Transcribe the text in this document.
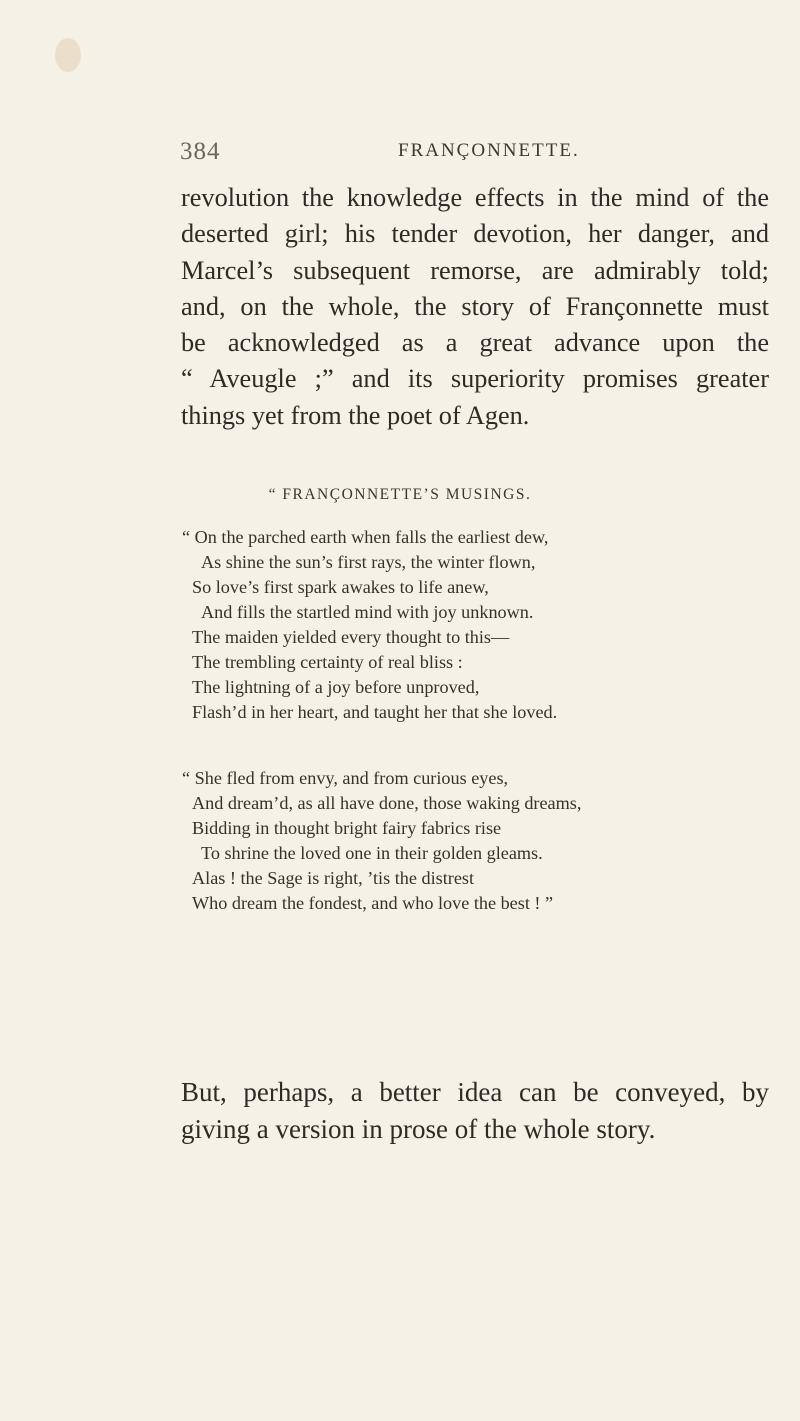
384	FRANÇONNETTE.
revolution the knowledge effects in the mind of the
deserted girl; his tender devotion, her danger, and
Marcel’s subsequent remorse, are admirably told;
and, on the whole, the story of Françonnette must
be acknowledged as a great advance upon the
“ Aveugle ;” and its superiority promises greater
things yet from the poet of Agen.
“ FRANÇONNETTE’S MUSINGS.
“ On the parched earth when falls the earliest dew,
As shine the sun’s first rays, the winter flown,
So love’s first spark awakes to life anew,
And fills the startled mind with joy unknown.
The maiden yielded every thought to this—
The trembling certainty of real bliss :
The lightning of a joy before unproved,
Flash’d in her heart, and taught her that she loved.
“ She fled from envy, and from curious eyes,
And dream’d, as all have done, those waking dreams,
Bidding in thought bright fairy fabrics rise
To shrine the loved one in their golden gleams.
Alas ! the Sage is right, ’tis the distrest
Who dream the fondest, and who love the best ! ”
But, perhaps, a better idea can be conveyed, by
giving a version in prose of the whole story.
